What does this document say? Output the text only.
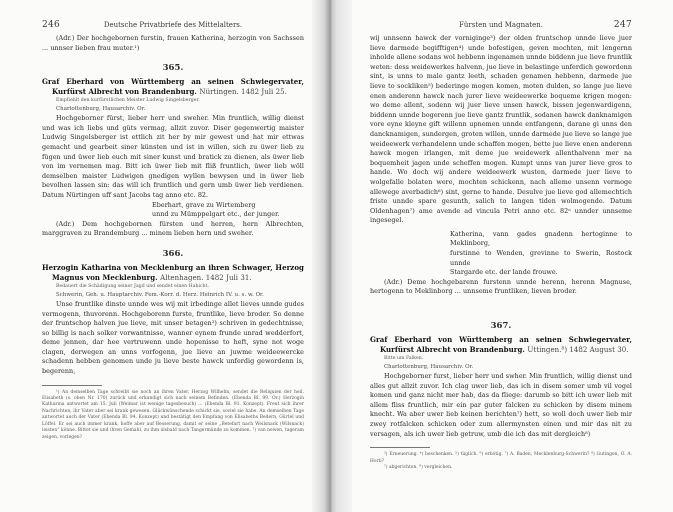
246	Deutsche Privatbriefe des Mittelalters.

(Adr.) Der hochgebornen furstin, frauen Katherina, herzogin von Sachssen ... unnser lieben frau muter.¹)

365.

Graf Eberhard von Württemberg an seinen Schwiegervater, Kurfürst Albrecht von Brandenburg. Nürtingen. 1482 Juli 25.

Empfiehlt den kurfürstlichen Meister Ludwig Singelsberger.

Charlottenburg, Hausarchiv. Or.

Hochgeborner fürst, lieber herr und sweher. Min fruntlich, willig dienst und was ich liebs und güts vermag, allzit zuvor. Diser gegenwertig maister Ludwig Singelsberger ist ettlich zit her by mir gewest und hat mir ettwas gemacht und gearbeit siner künsten und ist in willen, sich zu üwer lieb zu fügen und üwer lieb euch mit siner kunst und bratick zu dienen, als üwer lieb von im vernemen mag. Bitt ich üwer lieb mit fliß fruntlich, üwer lieb wöll demselben maister Ludwigen gnedigen wyllen bewysen und in üwer lieb bevolhen lassen sin: das will ich fruntlich und gern umb üwer lieb verdienen. Datum Nürtingen uff sant Jacobs tag anno etc. 82.

Eberhart, grave zu Wirtemberg

unnd zu Mümppelgart etc., der junger.

(Adr.) Dem hochgebornen fürsten und herren, hern Albrechten, marggraven zu Brandemburg ... minem lieben hern und sweher.

366.

Herzogin Katharina von Mecklenburg an ihren Schwager, Herzog Magnus von Mecklenburg. Altenhagen. 1482 Juli 31.

Bedauert die Schädigung seiner Jagd und sendet einen Habicht.

Schwerin, Geh. u. Hauptarchiv. Fem.-Korr. d. Herz. Heinrich IV. u. s. w. Or.

Unse fruntlike dinste unnde wes wij mit irbedinge allet lieves unnde gudes vermogenn, thuvorenn. Hochgeborenn furste, fruntlike, lieve broder. So denne der fruntschop halven jue lieve, mit unser betagen²) schriven in gedechtnisse, so billig is nach solker vorwantnisse, wanner eynem frunde unrad wedderfort, deme jennen, dar hee vertruwenn unde hopenisse to heft, syne not woge clagen, derwegen an unns vorfogenn, jue lieve an juwme weideewercke schadenn hebben genomen unde ju lieve beste hawck unferdig gewordenn is, begerenn,

¹) An demselben Tage schreibt sie noch an ihren Vater, Herzog Wilhelm, sendet die Reliquien der heil. Elisabeth (s. oben Nr. 170) zurück und erkundigt sich nach seinem Befinden. (Ebenda Bl. 99. Or.) Herzogin Katharina antwortet am 15. Juli (Weimar ist wenige tagesbesuch) ... (Ebenda Bl. 91. Konzept). Freut sich ihrer Nachrichten, ihr Vater aber sei krank gewesen. Glückwünschende schickt sie, soviel sie habe. An demselben Tage antwortet auch der Vater (Ebenda Bl. 94. Konzept) und bestätigt den Empfang von Elisabeths Bedern, Gürtel und Löffel. Er sei auch immer krank, hoffe aber auf Besserung, damit er seine „Betefart nach Weilsnack (Wilsnack) leisten“ könne. Bittet sie und ihren Gemahl, zu ihm alsbald nach Tangermünde zu kommen. ²) van newen, tageram zeigen, vorlegen?

Fürsten und Magnaten.	247

wij unnsenn hawck der vorniginge³) der olden fruntschop unnde lieve juer lieve darmede begifftigen⁴) unde bofestigen, geven mochten, mit lengernn inholde allene sodans wol hebbenn ingenamen unnde biddenn jue lieve fruntlik weten: dess weidewerkes halvenn, jue lieve in belastinge unferdich gewordenn sint, is unns to male gantz leeth, schaden genamen hebbenn, darmede jue lieve to sockliken⁵) bederinge mogen komen, moten dulden, so lange jue lieve enen anderenn hawck nach jurer lieve weideewerke boqueme krigen mogen: wo deme allent, sodenn wij juer lieve unsen hawck, bissen jegenwardigenn, biddenn unnde bogerenn jue lieve gantz fruntlik, sodanen hawck danknamigen vore eyne kleyne gift willenn upnemen unnde entfangenn, darane gi unns den dancknamigen, sundergen, groten willen, unnde darmede jue lieve so lange jue weideewerk verhandelenn unde schaffen mogen, bette jue lieve enen anderenn hawck mogen irlangen, mit deme jue weidewerk allenthalvenn mer na boquemheit jagen unde scheffen mogen. Kumpt unns van jurer lieve gros to hande. Wo doch wij andere weideewerk wusten, darmede juer lieve to wolgefalle bolaten were, mochten schickenn, nach alleme unsenn vermoge allewege averbadich⁶) sint, gerne to hande. Desulve jue lieve god allemechtich friste unnde spare gesunth, salich to langen tiden wolmogende. Datum Oldenhagen⁷) ame avende ad vincula Petri anno etc. 82ᵒ unnder unnseme ingesegel.

Katherina, vann gades gnadenn hertoginne to Meklinborg,

furstinne to Wenden, grevinne to Swerin, Rostock unnde

Stargarde etc. der lande frouwe.

(Adr.) Deme hochgebarenn furstenn unnde herenn, herenn Magnuse, hertogenn to Meklinborg ... unnseme fruntliken, lieven broder.

367.

Graf Eberhard von Württemberg an seinen Schwiegervater, Kurfürst Albrecht von Brandenburg. Uttingen.⁸) 1482 August 30.

Bitte um Falken.

Charlottenburg, Hausarchiv. Or.

Hochgeborner furst, lieber herr und swher. Min fruntlich, willig dienst und alles gut allzit zuvor. Ich clag uwer lieb, das ich in disem somer umb vil vogel komen und ganz nicht mer hab, das da fliege: darumb so bitt ich uwer lieb mit allem fliss fruntlich, mir ein par guter falcken zu schicken by disem minem knecht. Wa aber uwer lieb keinen berichten⁷) hett, so woll doch uwer lieb mir zwey rotfalcken schicken oder zum allermynsten einen und mir das nit zu versagen, als ich uwer lieb getruw, umb die ich das mit dergleich⁸)

³) Erneuerung. ⁴) beschenken. ⁵) tüglich. ⁶) erbötig. ⁷) A. Baden, Mecklenburg-Schwerin? ⁸) Gutingen, O. A. Horb?

⁷) abgerichten. ⁸) vergleichen.
